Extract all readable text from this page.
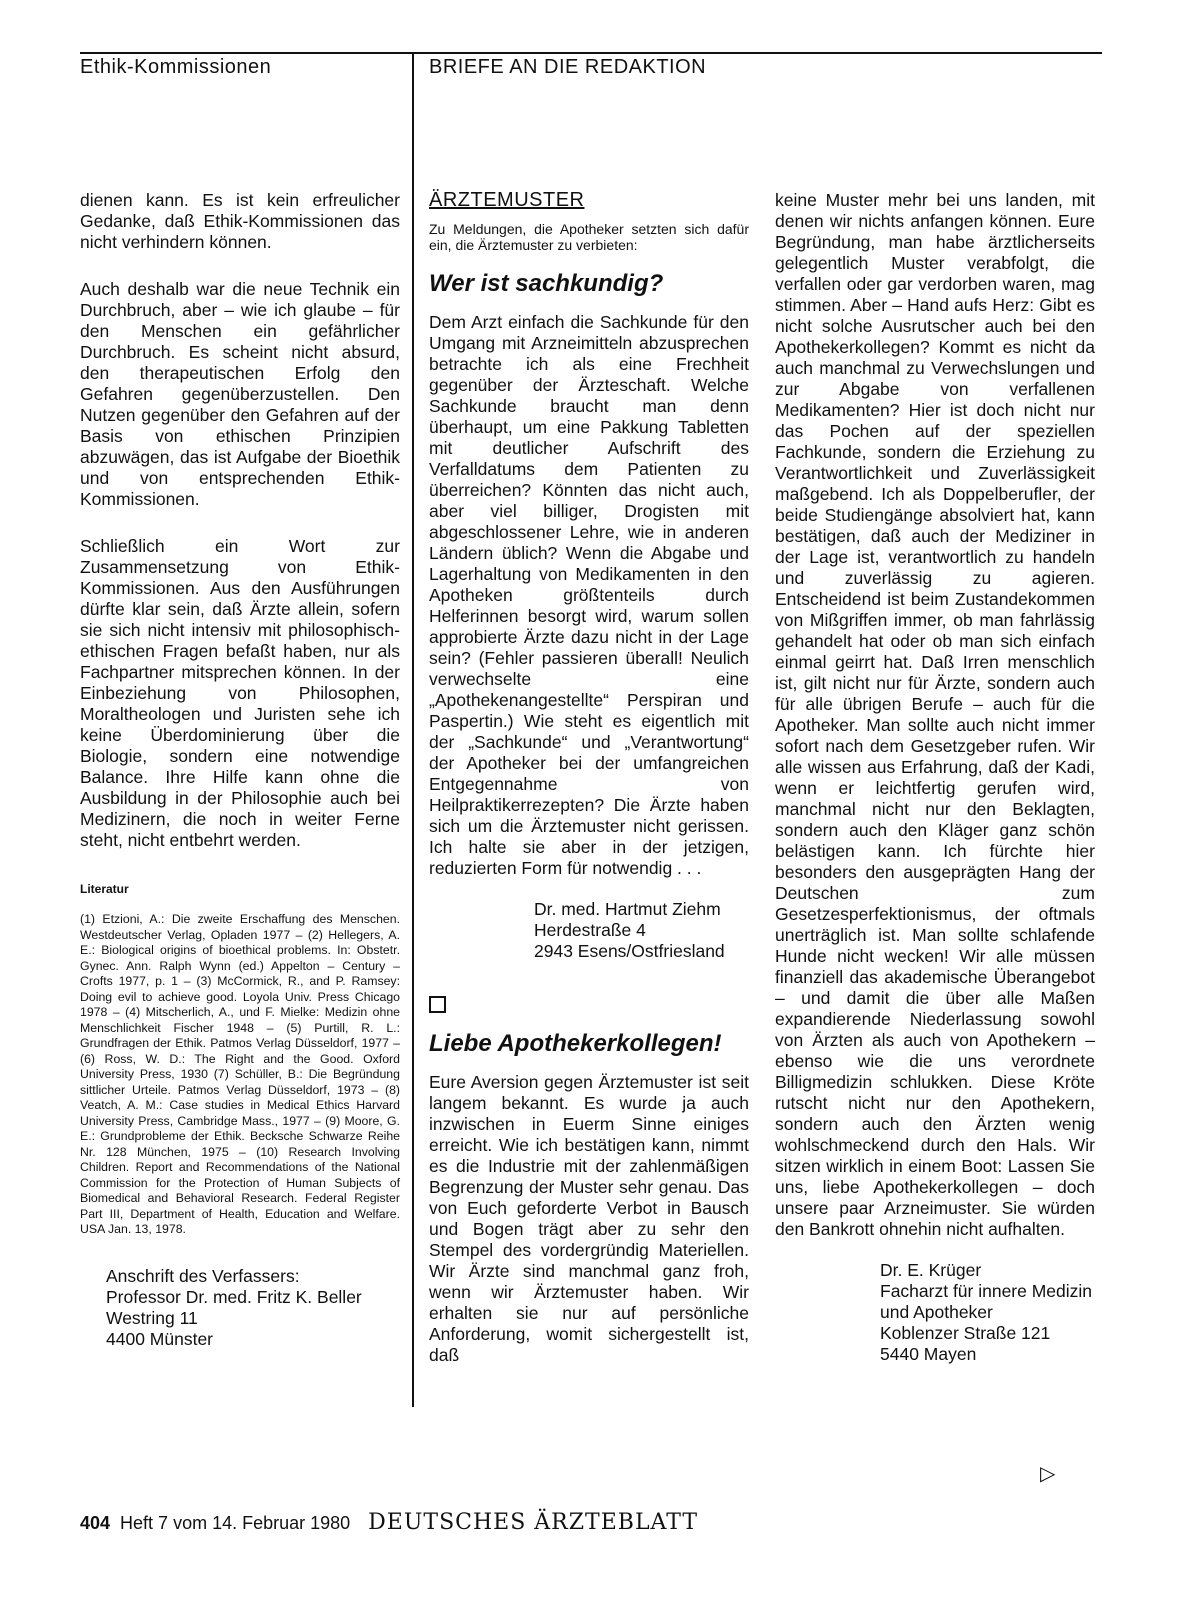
Ethik-Kommissionen	BRIEFE AN DIE REDAKTION

dienen kann. Es ist kein erfreulicher Gedanke, daß Ethik-Kommissionen das nicht verhindern können.

Auch deshalb war die neue Technik ein Durchbruch, aber – wie ich glaube – für den Menschen ein gefährlicher Durchbruch. Es scheint nicht absurd, den therapeutischen Erfolg den Gefahren gegenüberzustellen. Den Nutzen gegenüber den Gefahren auf der Basis von ethischen Prinzipien abzuwägen, das ist Aufgabe der Bioethik und von entsprechenden Ethik-Kommissionen.

Schließlich ein Wort zur Zusammensetzung von Ethik-Kommissionen. Aus den Ausführungen dürfte klar sein, daß Ärzte allein, sofern sie sich nicht intensiv mit philosophisch-ethischen Fragen befaßt haben, nur als Fachpartner mitsprechen können. In der Einbeziehung von Philosophen, Moraltheologen und Juristen sehe ich keine Überdominierung über die Biologie, sondern eine notwendige Balance. Ihre Hilfe kann ohne die Ausbildung in der Philosophie auch bei Medizinern, die noch in weiter Ferne steht, nicht entbehrt werden.

Literatur

(1) Etzioni, A.: Die zweite Erschaffung des Menschen. Westdeutscher Verlag, Opladen 1977 – (2) Hellegers, A. E.: Biological origins of bioethical problems. In: Obstetr. Gynec. Ann. Ralph Wynn (ed.) Appelton – Century – Crofts 1977, p. 1 – (3) McCormick, R., and P. Ramsey: Doing evil to achieve good. Loyola Univ. Press Chicago 1978 – (4) Mitscherlich, A., und F. Mielke: Medizin ohne Menschlichkeit Fischer 1948 – (5) Purtill, R. L.: Grundfragen der Ethik. Patmos Verlag Düsseldorf, 1977 – (6) Ross, W. D.: The Right and the Good. Oxford University Press, 1930 (7) Schüller, B.: Die Begründung sittlicher Urteile. Patmos Verlag Düsseldorf, 1973 – (8) Veatch, A. M.: Case studies in Medical Ethics Harvard University Press, Cambridge Mass., 1977 – (9) Moore, G. E.: Grundprobleme der Ethik. Becksche Schwarze Reihe Nr. 128 München, 1975 – (10) Research Involving Children. Report and Recommendations of the National Commission for the Protection of Human Subjects of Biomedical and Behavioral Research. Federal Register Part III, Department of Health, Education and Welfare. USA Jan. 13, 1978.

Anschrift des Verfassers:
Professor Dr. med. Fritz K. Beller
Westring 11
4400 Münster

ÄRZTEMUSTER

Zu Meldungen, die Apotheker setzten sich dafür ein, die Ärztemuster zu verbieten:

Wer ist sachkundig?

Dem Arzt einfach die Sachkunde für den Umgang mit Arzneimitteln abzusprechen betrachte ich als eine Frechheit gegenüber der Ärzteschaft. Welche Sachkunde braucht man denn überhaupt, um eine Pakkung Tabletten mit deutlicher Aufschrift des Verfalldatums dem Patienten zu überreichen? Könnten das nicht auch, aber viel billiger, Drogisten mit abgeschlossener Lehre, wie in anderen Ländern üblich? Wenn die Abgabe und Lagerhaltung von Medikamenten in den Apotheken größtenteils durch Helferinnen besorgt wird, warum sollen approbierte Ärzte dazu nicht in der Lage sein? (Fehler passieren überall! Neulich verwechselte eine „Apothekenangestellte“ Perspiran und Paspertin.) Wie steht es eigentlich mit der „Sachkunde“ und „Verantwortung“ der Apotheker bei der umfangreichen Entgegennahme von Heilpraktikerrezepten? Die Ärzte haben sich um die Ärztemuster nicht gerissen. Ich halte sie aber in der jetzigen, reduzierten Form für notwendig . . .

Dr. med. Hartmut Ziehm
Herdestraße 4
2943 Esens/Ostfriesland

Liebe Apothekerkollegen!

Eure Aversion gegen Ärztemuster ist seit langem bekannt. Es wurde ja auch inzwischen in Euerm Sinne einiges erreicht. Wie ich bestätigen kann, nimmt es die Industrie mit der zahlenmäßigen Begrenzung der Muster sehr genau. Das von Euch geforderte Verbot in Bausch und Bogen trägt aber zu sehr den Stempel des vordergründig Materiellen. Wir Ärzte sind manchmal ganz froh, wenn wir Ärztemuster haben. Wir erhalten sie nur auf persönliche Anforderung, womit sichergestellt ist, daß

keine Muster mehr bei uns landen, mit denen wir nichts anfangen können. Eure Begründung, man habe ärztlicherseits gelegentlich Muster verabfolgt, die verfallen oder gar verdorben waren, mag stimmen. Aber – Hand aufs Herz: Gibt es nicht solche Ausrutscher auch bei den Apothekerkollegen? Kommt es nicht da auch manchmal zu Verwechslungen und zur Abgabe von verfallenen Medikamenten? Hier ist doch nicht nur das Pochen auf der speziellen Fachkunde, sondern die Erziehung zu Verantwortlichkeit und Zuverlässigkeit maßgebend. Ich als Doppelberufler, der beide Studiengänge absolviert hat, kann bestätigen, daß auch der Mediziner in der Lage ist, verantwortlich zu handeln und zuverlässig zu agieren. Entscheidend ist beim Zustandekommen von Mißgriffen immer, ob man fahrlässig gehandelt hat oder ob man sich einfach einmal geirrt hat. Daß Irren menschlich ist, gilt nicht nur für Ärzte, sondern auch für alle übrigen Berufe – auch für die Apotheker. Man sollte auch nicht immer sofort nach dem Gesetzgeber rufen. Wir alle wissen aus Erfahrung, daß der Kadi, wenn er leichtfertig gerufen wird, manchmal nicht nur den Beklagten, sondern auch den Kläger ganz schön belästigen kann. Ich fürchte hier besonders den ausgeprägten Hang der Deutschen zum Gesetzesperfektionismus, der oftmals unerträglich ist. Man sollte schlafende Hunde nicht wecken! Wir alle müssen finanziell das akademische Überangebot – und damit die über alle Maßen expandierende Niederlassung sowohl von Ärzten als auch von Apothekern – ebenso wie die uns verordnete Billigmedizin schlukken. Diese Kröte rutscht nicht nur den Apothekern, sondern auch den Ärzten wenig wohlschmeckend durch den Hals. Wir sitzen wirklich in einem Boot: Lassen Sie uns, liebe Apothekerkollegen – doch unsere paar Arzneimuster. Sie würden den Bankrott ohnehin nicht aufhalten.

Dr. E. Krüger
Facharzt für innere Medizin
und Apotheker
Koblenzer Straße 121
5440 Mayen
▷
404 Heft 7 vom 14. Februar 1980 DEUTSCHES ÄRZTEBLATT
